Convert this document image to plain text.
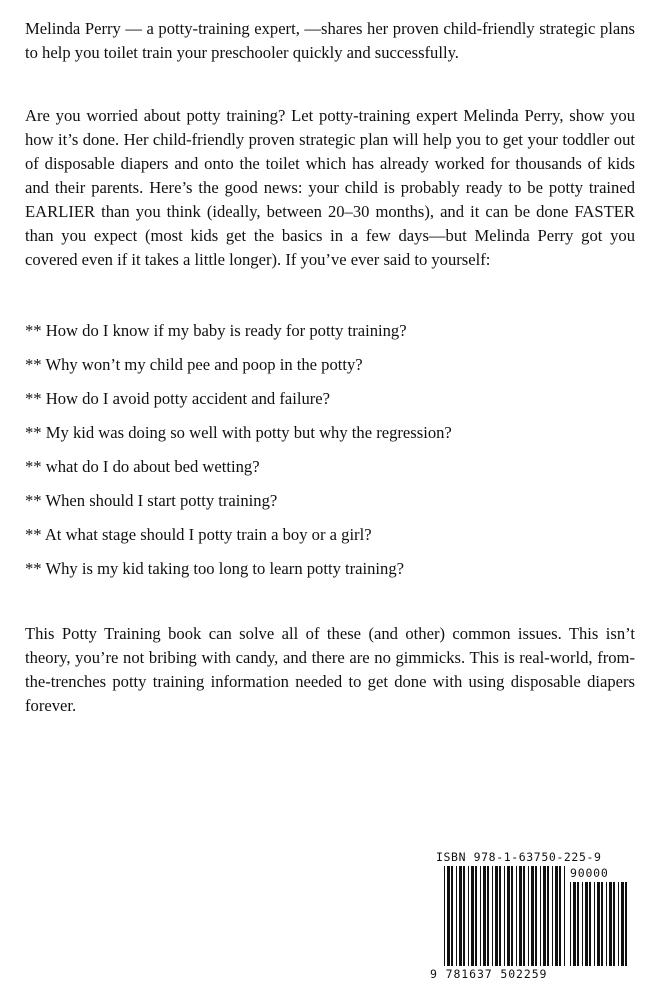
Melinda Perry — a potty-training expert, —shares her proven child-friendly strategic plans to help you toilet train your preschooler quickly and successfully.

Are you worried about potty training? Let potty-training expert Melinda Perry, show you how it’s done. Her child-friendly proven strategic plan will help you to get your toddler out of disposable diapers and onto the toilet which has already worked for thousands of kids and their parents. Here’s the good news: your child is probably ready to be potty trained EARLIER than you think (ideally, between 20–30 months), and it can be done FASTER than you expect (most kids get the basics in a few days—but Melinda Perry got you covered even if it takes a little longer). If you’ve ever said to yourself:

** How do I know if my baby is ready for potty training?
** Why won’t my child pee and poop in the potty?
** How do I avoid potty accident and failure?
** My kid was doing so well with potty but why the regression?
** what do I do about bed wetting?
** When should I start potty training?
** At what stage should I potty train a boy or a girl?
** Why is my kid taking too long to learn potty training?

This Potty Training book can solve all of these (and other) common issues. This isn’t theory, you’re not bribing with candy, and there are no gimmicks. This is real-world, from-the-trenches potty training information needed to get done with using disposable diapers forever.

ISBN 978-1-63750-225-9
90000
9 781637 502259
